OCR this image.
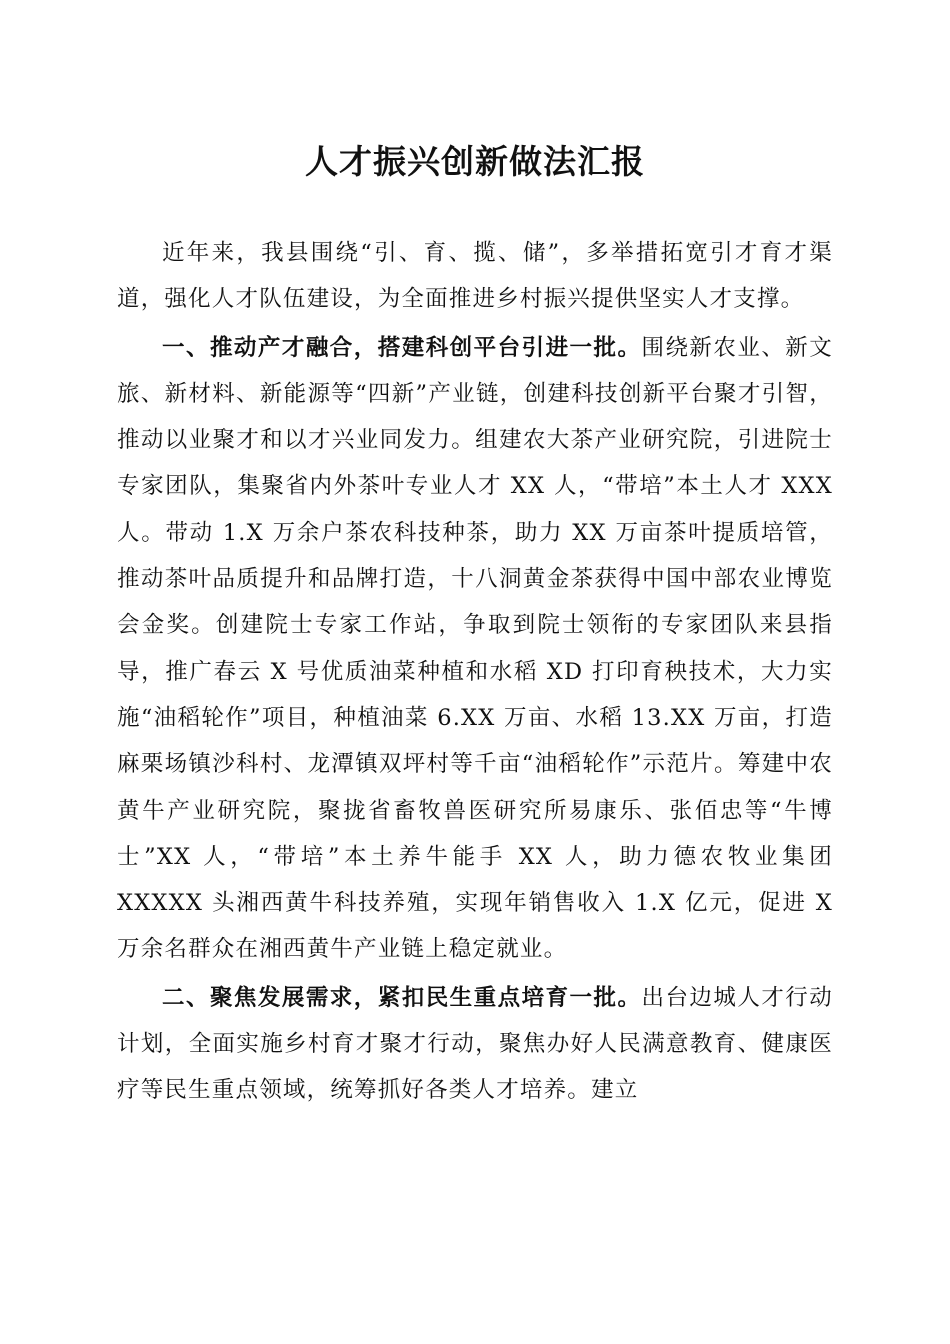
人才振兴创新做法汇报

近年来，我县围绕“引、育、揽、储”，多举措拓宽引才育才渠道，强化人才队伍建设，为全面推进乡村振兴提供坚实人才支撑。

一、推动产才融合，搭建科创平台引进一批。围绕新农业、新文旅、新材料、新能源等“四新”产业链，创建科技创新平台聚才引智，推动以业聚才和以才兴业同发力。组建农大茶产业研究院，引进院士专家团队，集聚省内外茶叶专业人才 XX 人，“带培”本土人才 XXX 人。带动 1.X 万余户茶农科技种茶，助力 XX 万亩茶叶提质培管，推动茶叶品质提升和品牌打造，十八洞黄金茶获得中国中部农业博览会金奖。创建院士专家工作站，争取到院士领衔的专家团队来县指导，推广春云 X 号优质油菜种植和水稻 XD 打印育秧技术，大力实施“油稻轮作”项目，种植油菜 6.XX 万亩、水稻 13.XX 万亩，打造麻栗场镇沙科村、龙潭镇双坪村等千亩“油稻轮作”示范片。筹建中农黄牛产业研究院，聚拢省畜牧兽医研究所易康乐、张佰忠等“牛博士”XX 人，“带培”本土养牛能手 XX 人，助力德农牧业集团 XXXXX 头湘西黄牛科技养殖，实现年销售收入 1.X 亿元，促进 X 万余名群众在湘西黄牛产业链上稳定就业。

二、聚焦发展需求，紧扣民生重点培育一批。出台边城人才行动计划，全面实施乡村育才聚才行动，聚焦办好人民满意教育、健康医疗等民生重点领域，统筹抓好各类人才培养。建立
